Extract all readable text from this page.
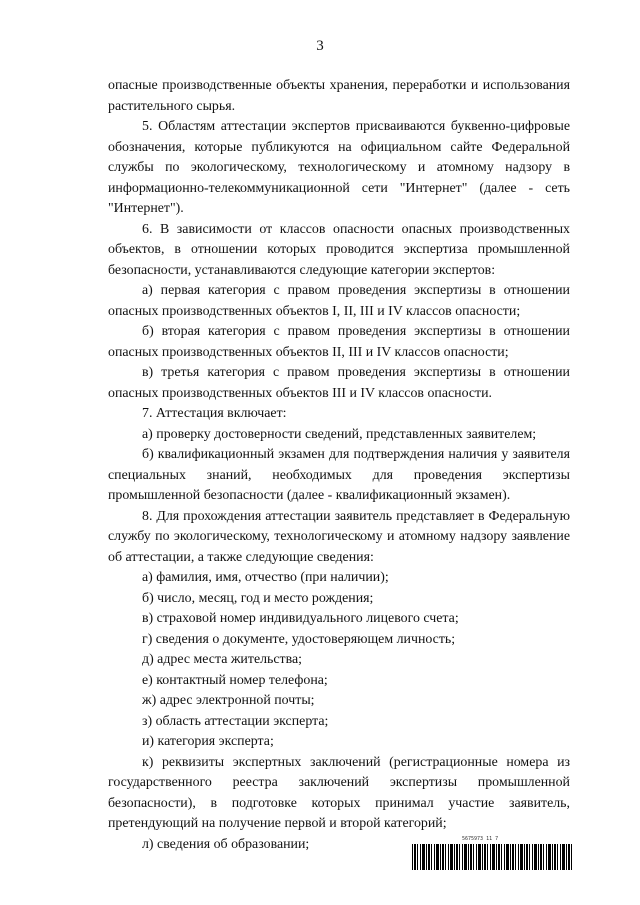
3

опасные производственные объекты хранения, переработки и использования растительного сырья.

5. Областям аттестации экспертов присваиваются буквенно-цифровые обозначения, которые публикуются на официальном сайте Федеральной службы по экологическому, технологическому и атомному надзору в информационно-телекоммуникационной сети "Интернет" (далее - сеть "Интернет").

6. В зависимости от классов опасности опасных производственных объектов, в отношении которых проводится экспертиза промышленной безопасности, устанавливаются следующие категории экспертов:

а) первая категория с правом проведения экспертизы в отношении опасных производственных объектов I, II, III и IV классов опасности;

б) вторая категория с правом проведения экспертизы в отношении опасных производственных объектов II, III и IV классов опасности;

в) третья категория с правом проведения экспертизы в отношении опасных производственных объектов III и IV классов опасности.

7. Аттестация включает:

а) проверку достоверности сведений, представленных заявителем;

б) квалификационный экзамен для подтверждения наличия у заявителя специальных знаний, необходимых для проведения экспертизы промышленной безопасности (далее - квалификационный экзамен).

8. Для прохождения аттестации заявитель представляет в Федеральную службу по экологическому, технологическому и атомному надзору заявление об аттестации, а также следующие сведения:

а) фамилия, имя, отчество (при наличии);

б) число, месяц, год и место рождения;

в) страховой номер индивидуального лицевого счета;

г) сведения о документе, удостоверяющем личность;

д) адрес места жительства;

е) контактный номер телефона;

ж) адрес электронной почты;

з) область аттестации эксперта;

и) категория эксперта;

к) реквизиты экспертных заключений (регистрационные номера из государственного реестра заключений экспертизы промышленной безопасности), в подготовке которых принимал участие заявитель, претендующий на получение первой и второй категорий;

л) сведения об образовании;	5675973 11 7
